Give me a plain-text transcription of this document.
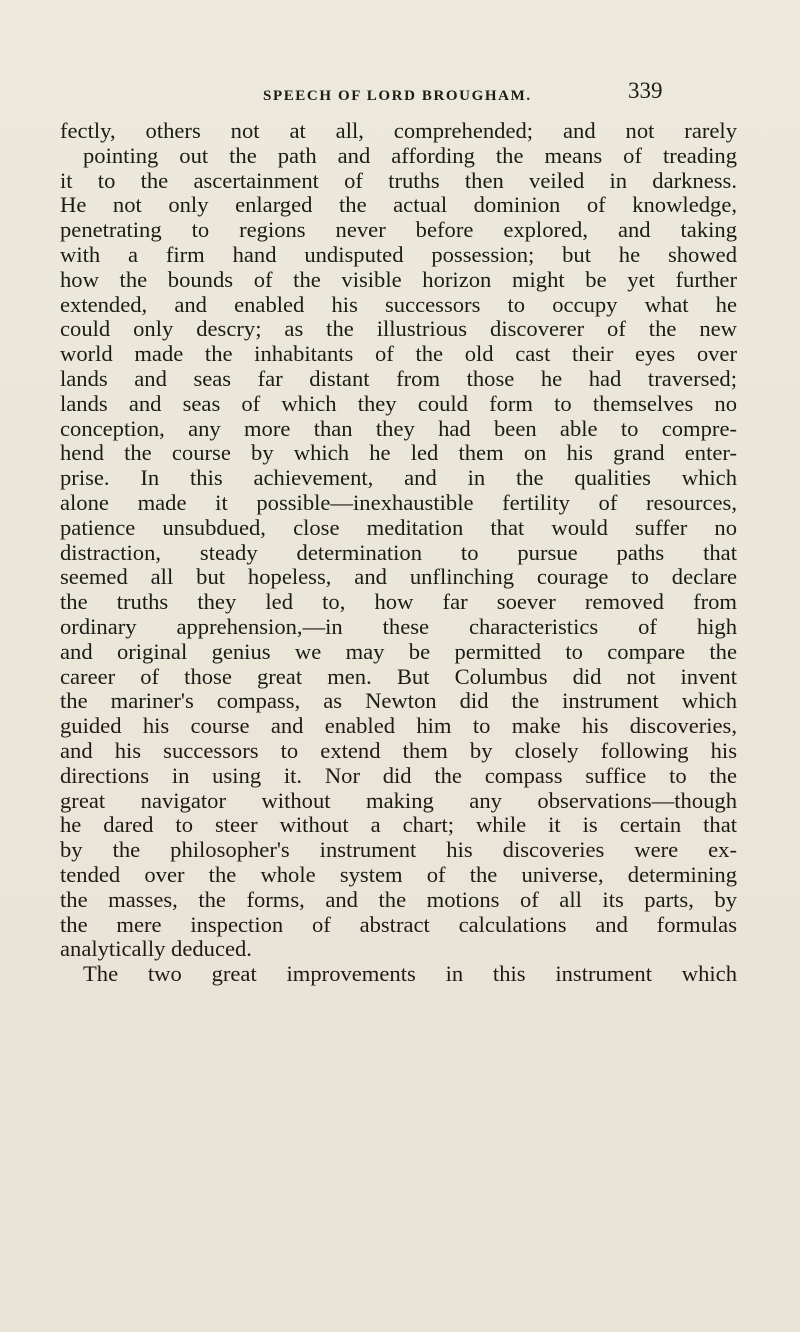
SPEECH OF LORD BROUGHAM.	339
fectly, others not at all, comprehended; and not rarely
pointing out the path and affording the means of treading
it to the ascertainment of truths then veiled in darkness.
He not only enlarged the actual dominion of knowledge,
penetrating to regions never before explored, and taking
with a firm hand undisputed possession; but he showed
how the bounds of the visible horizon might be yet further
extended, and enabled his successors to occupy what he
could only descry; as the illustrious discoverer of the new
world made the inhabitants of the old cast their eyes over
lands and seas far distant from those he had traversed;
lands and seas of which they could form to themselves no
conception, any more than they had been able to compre-
hend the course by which he led them on his grand enter-
prise. In this achievement, and in the qualities which
alone made it possible—inexhaustible fertility of resources,
patience unsubdued, close meditation that would suffer no
distraction, steady determination to pursue paths that
seemed all but hopeless, and unflinching courage to declare
the truths they led to, how far soever removed from
ordinary apprehension,—in these characteristics of high
and original genius we may be permitted to compare the
career of those great men. But Columbus did not invent
the mariner's compass, as Newton did the instrument which
guided his course and enabled him to make his discoveries,
and his successors to extend them by closely following his
directions in using it. Nor did the compass suffice to the
great navigator without making any observations—though
he dared to steer without a chart; while it is certain that
by the philosopher's instrument his discoveries were ex-
tended over the whole system of the universe, determining
the masses, the forms, and the motions of all its parts, by
the mere inspection of abstract calculations and formulas
analytically deduced.
The two great improvements in this instrument which
